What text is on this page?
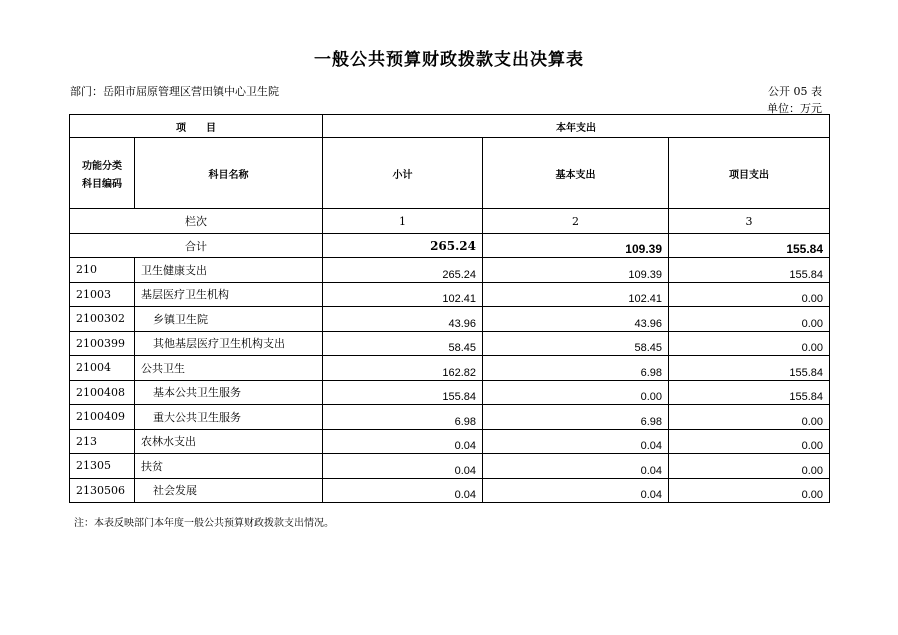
一般公共预算财政拨款支出决算表
部门：岳阳市屈原管理区营田镇中心卫生院	公开 05 表
单位：万元
项　　目		本年支出		

功能分类
科目编码	科目名称	小计	基本支出	项目支出
栏次		1	2	3
合计		265.24	109.39	155.84
210	卫生健康支出	265.24	109.39	155.84
21003	基层医疗卫生机构	102.41	102.41	0.00
2100302	乡镇卫生院	43.96	43.96	0.00
2100399	其他基层医疗卫生机构支出	58.45	58.45	0.00
21004	公共卫生	162.82	6.98	155.84
2100408	基本公共卫生服务	155.84	0.00	155.84
2100409	重大公共卫生服务	6.98	6.98	0.00
213	农林水支出	0.04	0.04	0.00
21305	扶贫	0.04	0.04	0.00
2130506	社会发展	0.04	0.04	0.00
注：本表反映部门本年度一般公共预算财政拨款支出情况。
